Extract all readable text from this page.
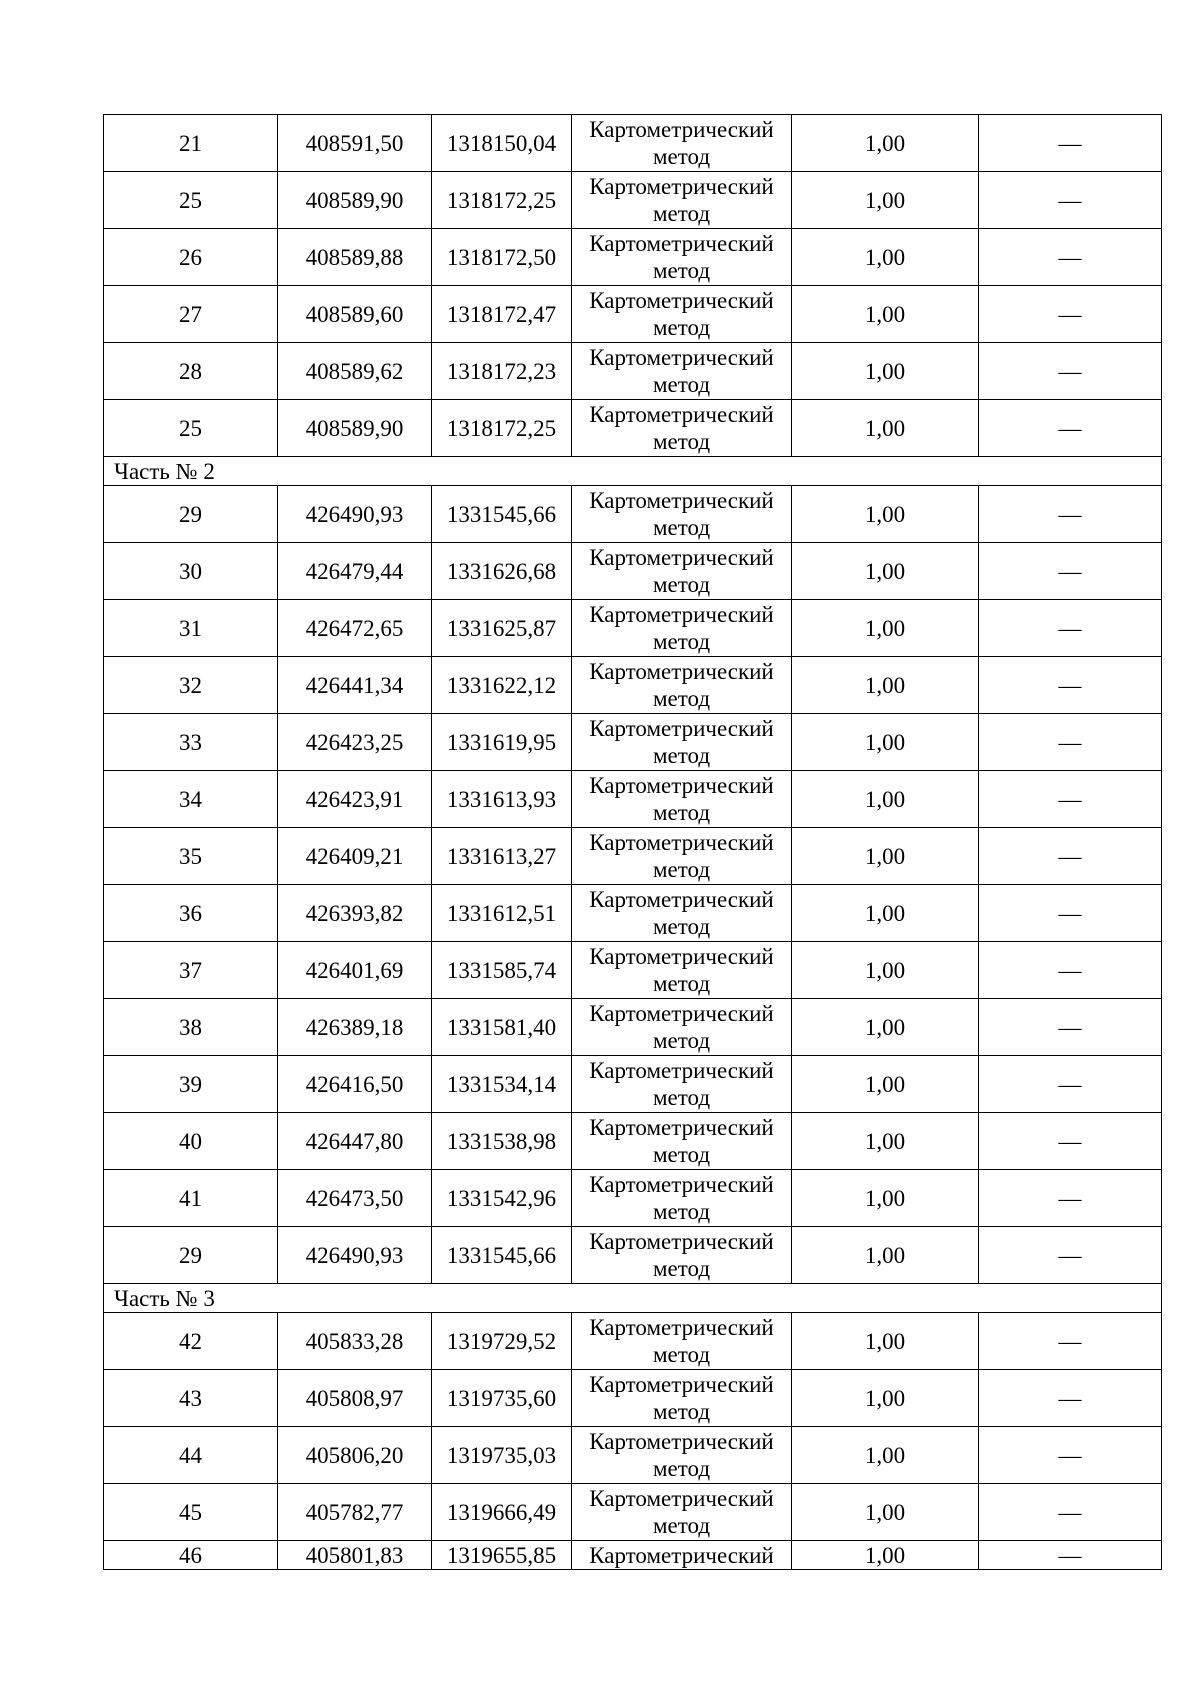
21	408591,50	1318150,04	Картометрический
метод	1,00	—
25	408589,90	1318172,25	Картометрический
метод	1,00	—
26	408589,88	1318172,50	Картометрический
метод	1,00	—
27	408589,60	1318172,47	Картометрический
метод	1,00	—
28	408589,62	1318172,23	Картометрический
метод	1,00	—
25	408589,90	1318172,25	Картометрический
метод	1,00	—
Часть № 2					
29	426490,93	1331545,66	Картометрический
метод	1,00	—
30	426479,44	1331626,68	Картометрический
метод	1,00	—
31	426472,65	1331625,87	Картометрический
метод	1,00	—
32	426441,34	1331622,12	Картометрический
метод	1,00	—
33	426423,25	1331619,95	Картометрический
метод	1,00	—
34	426423,91	1331613,93	Картометрический
метод	1,00	—
35	426409,21	1331613,27	Картометрический
метод	1,00	—
36	426393,82	1331612,51	Картометрический
метод	1,00	—
37	426401,69	1331585,74	Картометрический
метод	1,00	—
38	426389,18	1331581,40	Картометрический
метод	1,00	—
39	426416,50	1331534,14	Картометрический
метод	1,00	—
40	426447,80	1331538,98	Картометрический
метод	1,00	—
41	426473,50	1331542,96	Картометрический
метод	1,00	—
29	426490,93	1331545,66	Картометрический
метод	1,00	—
Часть № 3					
42	405833,28	1319729,52	Картометрический
метод	1,00	—
43	405808,97	1319735,60	Картометрический
метод	1,00	—
44	405806,20	1319735,03	Картометрический
метод	1,00	—
45	405782,77	1319666,49	Картометрический
метод	1,00	—
46	405801,83	1319655,85	Картометрический	1,00	—
